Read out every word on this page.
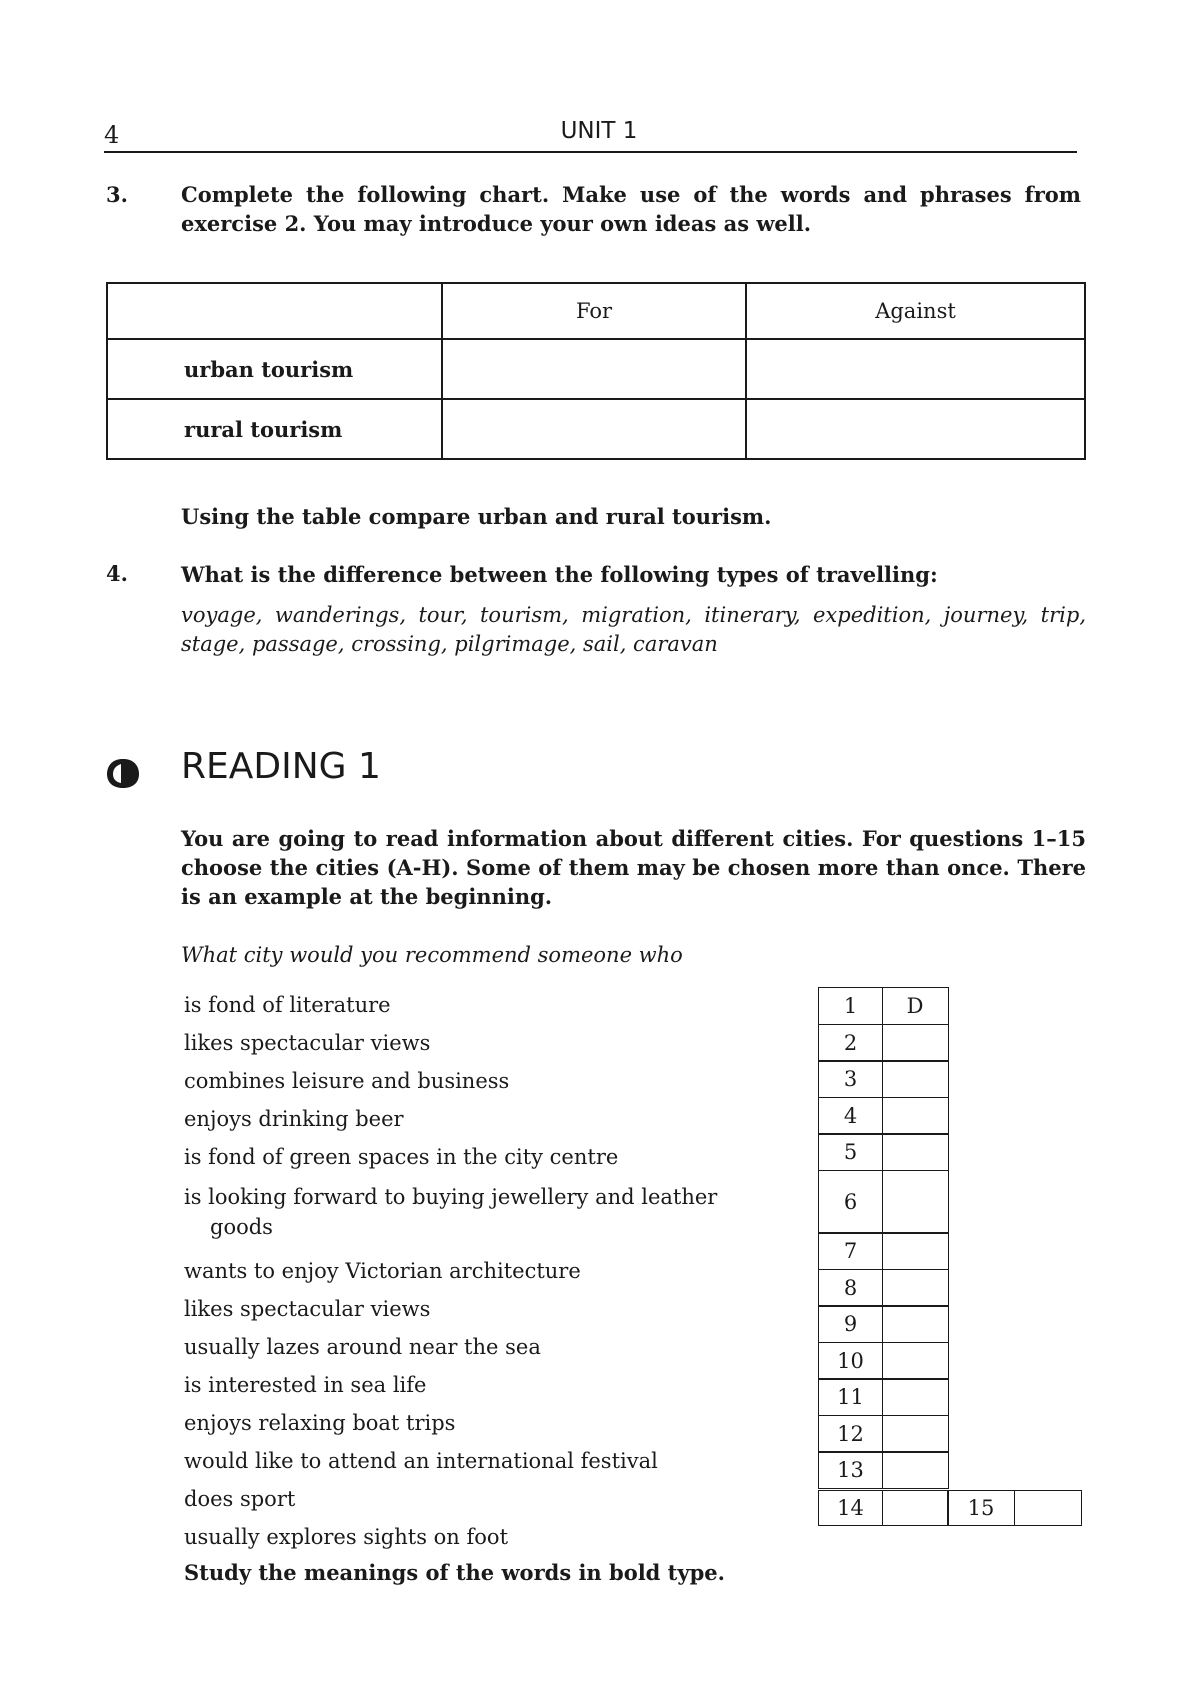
4	UNIT 1
3.	Complete the following chart. Make use of the words and phrases from exercise 2. You may introduce your own ideas as well.
	For	Against
urban tourism		
rural tourism		
Using the table compare urban and rural tourism.
4.	What is the difference between the following types of travelling:
voyage, wanderings, tour, tourism, migration, itinerary, expedition, journey, trip, stage, passage, crossing, pilgrimage, sail, caravan
READING 1
You are going to read information about different cities. For questions 1–15 choose the cities (A-H). Some of them may be chosen more than once. There is an example at the beginning.
What city would you recommend someone who
is fond of literature
likes spectacular views
combines leisure and business
enjoys drinking beer
is fond of green spaces in the city centre
is looking forward to buying jewellery and leather
goods
wants to enjoy Victorian architecture
likes spectacular views
usually lazes around near the sea
is interested in sea life
enjoys relaxing boat trips
would like to attend an international festival
does sport
usually explores sights on foot
1	D
2
3
4
5
6
7
8
9
10
11
12
13
14	15
Study the meanings of the words in bold type.
